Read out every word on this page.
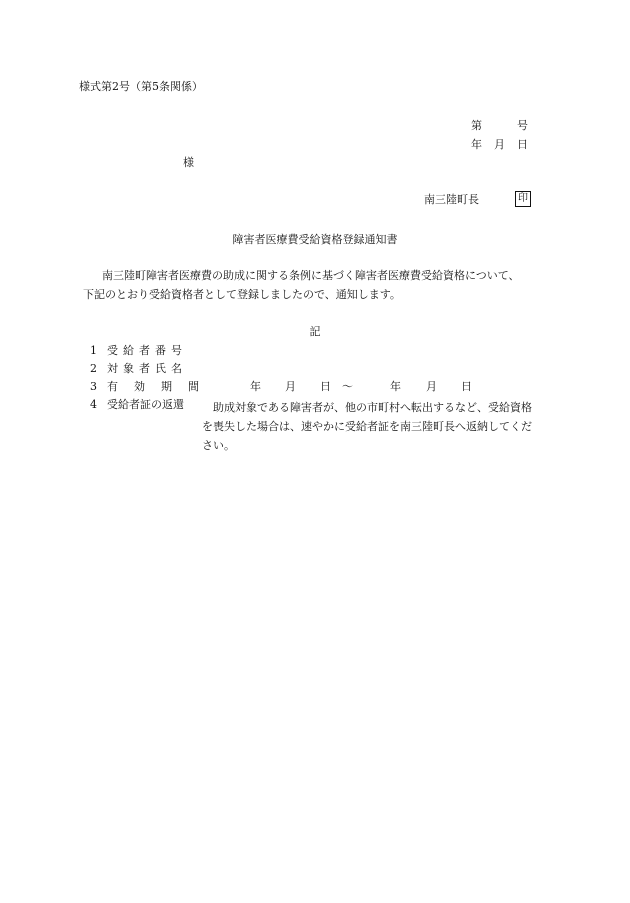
様式第2号（第5条関係）
第	号
年 月 日
様
南三陸町長	印
障害者医療費受給資格登録通知書
南三陸町障害者医療費の助成に関する条例に基づく障害者医療費受給資格について、
下記のとおり受給資格者として登録しましたので、通知します。
記
1 受給者番号
2 対象者氏名
3 有効期間	年 月 日 ～	年 月 日
4 受給者証の返還	助成対象である障害者が、他の市町村へ転出するなど、受給資格
を喪失した場合は、速やかに受給者証を南三陸町長へ返納してくだ
さい。
